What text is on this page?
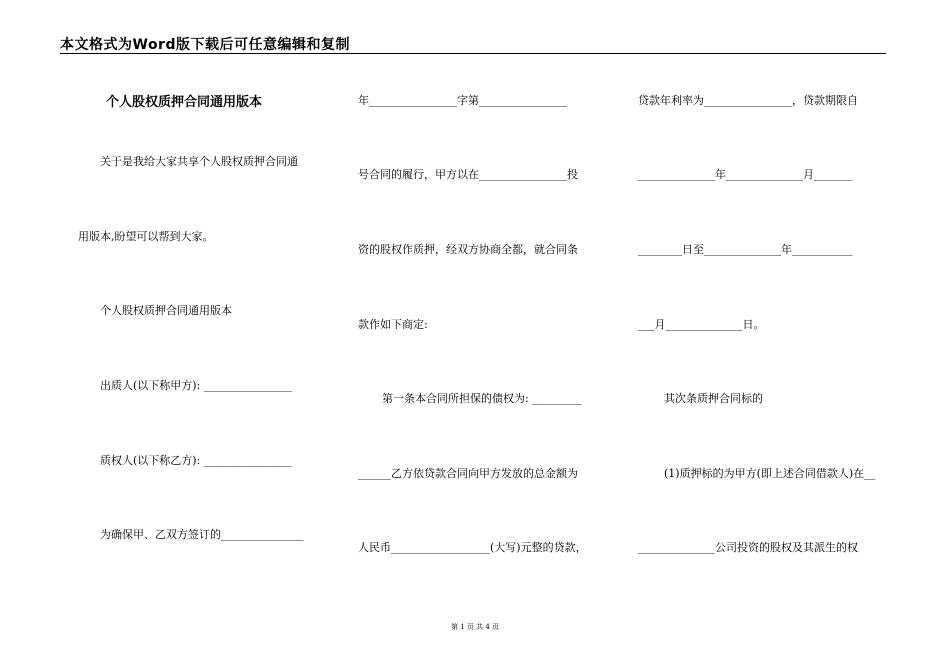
本文格式为Word版下载后可任意编辑和复制
个人股权质押合同通用版本
关于是我给大家共享个人股权质押合同通
用版本,盼望可以帮到大家。
个人股权质押合同通用版本
出质人(以下称甲方): ________________
质权人(以下称乙方): ________________
为确保甲、乙双方签订的_______________
年________________字第________________
号合同的履行，甲方以在________________投
资的股权作质押，经双方协商全都，就合同条
款作如下商定:
第一条本合同所担保的债权为: _________
______乙方依贷款合同向甲方发放的总金额为
人民币__________________(大写)元整的贷款，
贷款年利率为________________，贷款期限自
______________年______________月_______
________日至______________年___________
___月______________日。
其次条质押合同标的
(1)质押标的为甲方(即上述合同借款人)在__
______________公司投资的股权及其派生的权
第 1 页 共 4 页
